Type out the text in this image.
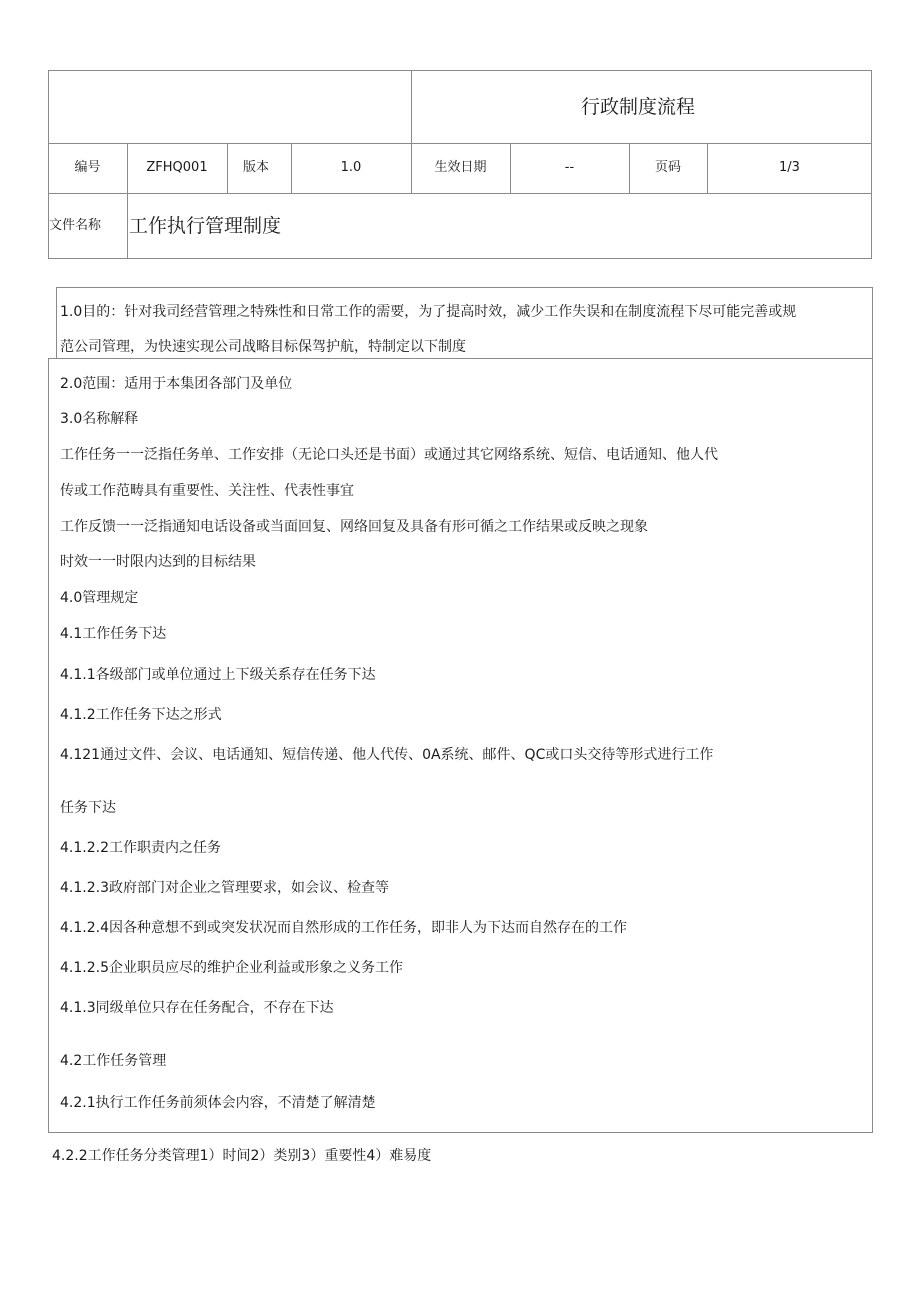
行政制度流程
编号	ZFHQ001	版本	1.0	生效日期	--	页码	1/3
文件名称 工作执行管理制度
1.0目的：针对我司经营管理之特殊性和日常工作的需要，为了提高时效，减少工作失误和在制度流程下尽可能完善或规
范公司管理，为快速实现公司战略目标保驾护航，特制定以下制度
2.0范围：适用于本集团各部门及单位
3.0名称解释
工作任务一一泛指任务单、工作安排（无论口头还是书面）或通过其它网络系统、短信、电话通知、他人代
传或工作范畴具有重要性、关注性、代表性事宜
工作反馈一一泛指通知电话设备或当面回复、网络回复及具备有形可循之工作结果或反映之现象
时效一一时限内达到的目标结果
4.0管理规定
4.1工作任务下达
4.1.1各级部门或单位通过上下级关系存在任务下达
4.1.2工作任务下达之形式
4.121通过文件、会议、电话通知、短信传递、他人代传、0A系统、邮件、QC或口头交待等形式进行工作
任务下达
4.1.2.2工作职责内之任务
4.1.2.3政府部门对企业之管理要求，如会议、检查等
4.1.2.4因各种意想不到或突发状况而自然形成的工作任务，即非人为下达而自然存在的工作
4.1.2.5企业职员应尽的维护企业利益或形象之义务工作
4.1.3同级单位只存在任务配合，不存在下达
4.2工作任务管理
4.2.1执行工作任务前须体会内容，不清楚了解清楚
4.2.2工作任务分类管理1）时间2）类别3）重要性4）难易度
